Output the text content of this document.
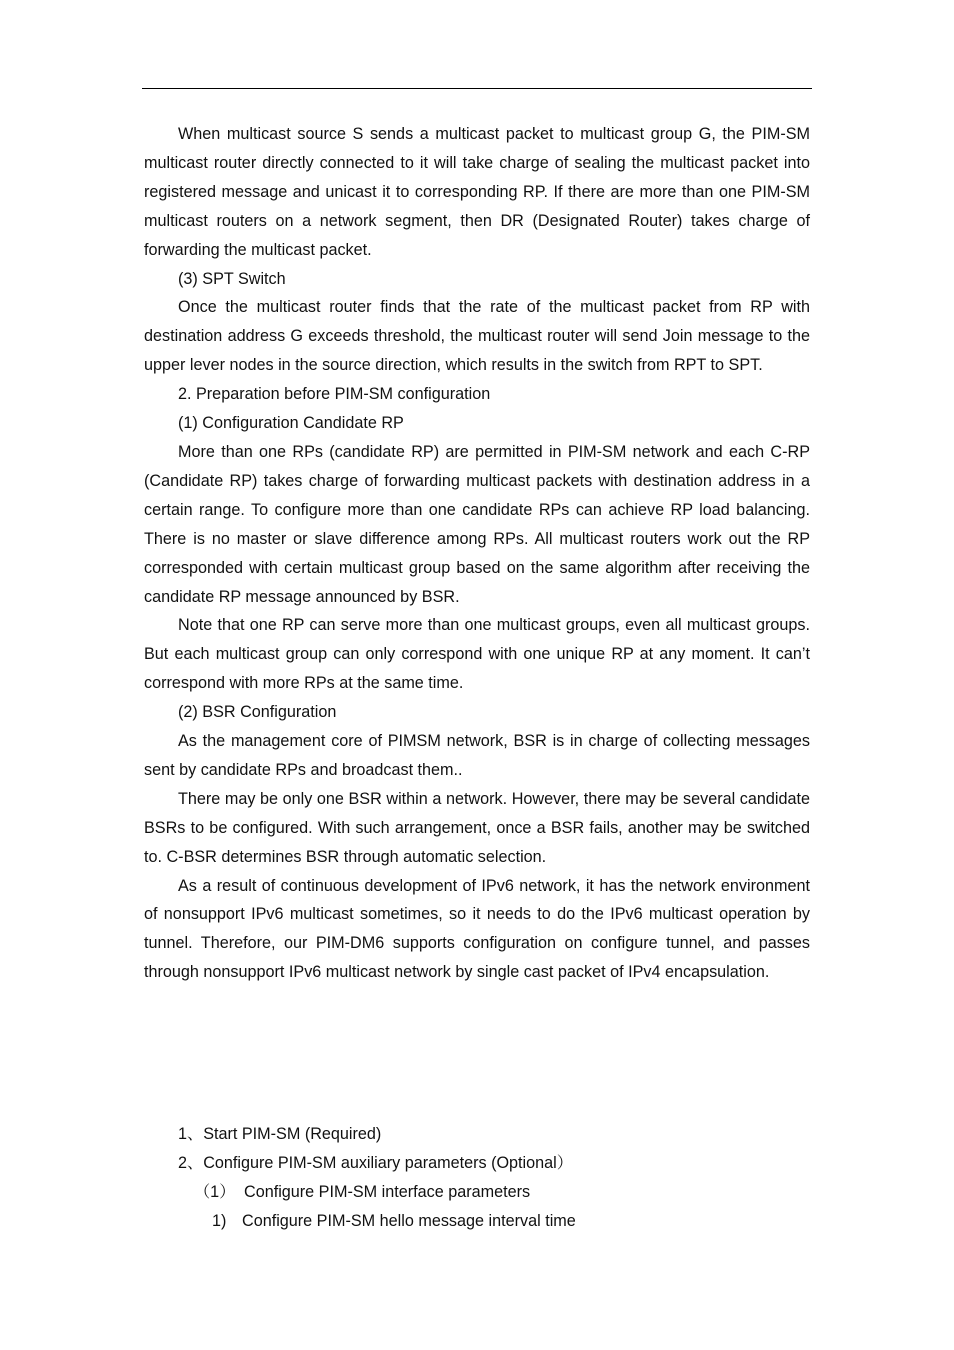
When multicast source S sends a multicast packet to multicast group G, the PIM-SM multicast router directly connected to it will take charge of sealing the multicast packet into registered message and unicast it to corresponding RP. If there are more than one PIM-SM multicast routers on a network segment, then DR (Designated Router) takes charge of forwarding the multicast packet.

(3) SPT Switch

Once the multicast router finds that the rate of the multicast packet from RP with destination address G exceeds threshold, the multicast router will send Join message to the upper lever nodes in the source direction, which results in the switch from RPT to SPT.

2. Preparation before PIM-SM configuration

(1) Configuration Candidate RP

More than one RPs (candidate RP) are permitted in PIM-SM network and each C-RP (Candidate RP) takes charge of forwarding multicast packets with destination address in a certain range. To configure more than one candidate RPs can achieve RP load balancing. There is no master or slave difference among RPs. All multicast routers work out the RP corresponded with certain multicast group based on the same algorithm after receiving the candidate RP message announced by BSR.

Note that one RP can serve more than one multicast groups, even all multicast groups. But each multicast group can only correspond with one unique RP at any moment. It can’t correspond with more RPs at the same time.

(2) BSR Configuration

As the management core of PIMSM network, BSR is in charge of collecting messages sent by candidate RPs and broadcast them..

There may be only one BSR within a network. However, there may be several candidate BSRs to be configured. With such arrangement, once a BSR fails, another may be switched to. C-BSR determines BSR through automatic selection.

As a result of continuous development of IPv6 network, it has the network environment of nonsupport IPv6 multicast sometimes, so it needs to do the IPv6 multicast operation by tunnel. Therefore, our PIM-DM6 supports configuration on configure tunnel, and passes through nonsupport IPv6 multicast network by single cast packet of IPv4 encapsulation.

1、Start PIM-SM (Required)

2、Configure PIM-SM auxiliary parameters (Optional）

（1） Configure PIM-SM interface parameters

1) Configure PIM-SM hello message interval time
